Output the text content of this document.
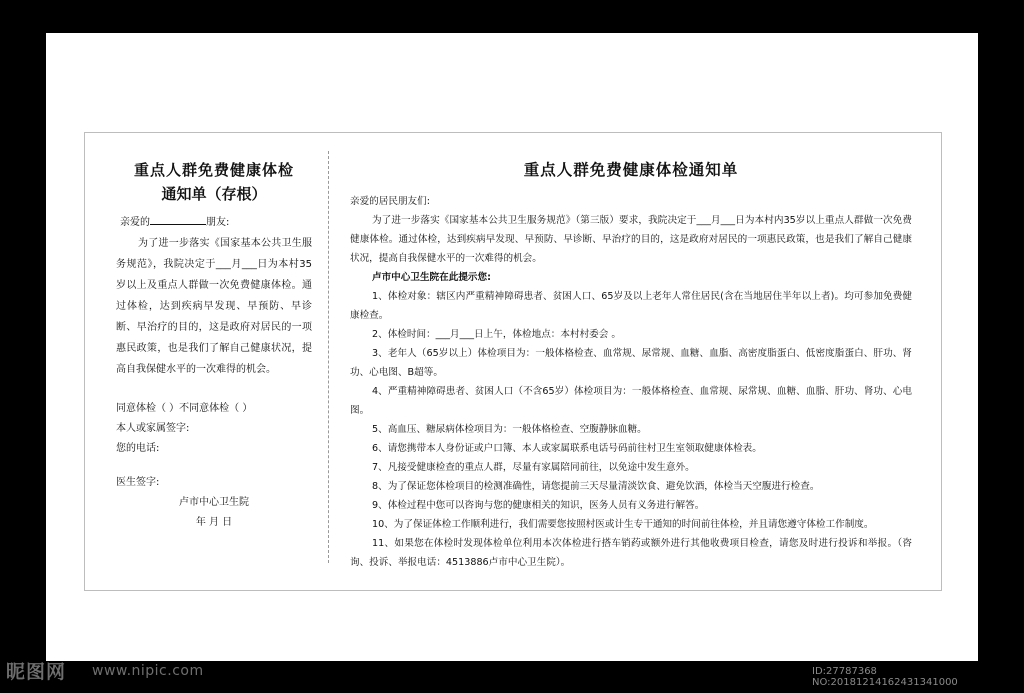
重点人群免费健康体检
通知单（存根）
亲爱的	朋友:
为了进一步落实《国家基本公共卫生服务规范》，我院决定于___月___日为本村35岁以上及重点人群做一次免费健康体检。通过体检，达到疾病早发现、早预防、早诊断、早治疗的目的，这是政府对居民的一项惠民政策，也是我们了解自己健康状况，提高自我保健水平的一次难得的机会。
同意体检（ ）不同意体检（ ）
本人或家属签字:
您的电话:
医生签字:
卢市中心卫生院
年 月 日
重点人群免费健康体检通知单

亲爱的居民朋友们:

为了进一步落实《国家基本公共卫生服务规范》（第三版）要求，我院决定于___月___日为本村内35岁以上重点人群做一次免费健康体检。通过体检，达到疾病早发现、早预防、早诊断、早治疗的目的，这是政府对居民的一项惠民政策，也是我们了解自己健康状况，提高自我保健水平的一次难得的机会。

卢市中心卫生院在此提示您:

1、体检对象：辖区内严重精神障碍患者、贫困人口、65岁及以上老年人常住居民(含在当地居住半年以上者)。均可参加免费健康检查。

2、体检时间：___月___日上午，体检地点：本村村委会 。

3、老年人（65岁以上）体检项目为：一般体格检查、血常规、尿常规、血糖、血脂、高密度脂蛋白、低密度脂蛋白、肝功、肾功、心电图、B超等。

4、严重精神障碍患者、贫困人口（不含65岁）体检项目为：一般体格检查、血常规、尿常规、血糖、血脂、肝功、肾功、心电图。

5、高血压、糖尿病体检项目为：一般体格检查、空腹静脉血糖。

6、请您携带本人身份证或户口簿、本人或家属联系电话号码前往村卫生室领取健康体检表。

7、凡接受健康检查的重点人群，尽量有家属陪同前往，以免途中发生意外。

8、为了保证您体检项目的检测准确性，请您提前三天尽量清淡饮食、避免饮酒，体检当天空腹进行检查。

9、体检过程中您可以咨询与您的健康相关的知识，医务人员有义务进行解答。

10、为了保证体检工作顺利进行，我们需要您按照村医或计生专干通知的时间前往体检，并且请您遵守体检工作制度。

11、如果您在体检时发现体检单位利用本次体检进行搭车销药或额外进行其他收费项目检查，请您及时进行投诉和举报。（咨询、投诉、举报电话：4513886卢市中心卫生院）。

昵图网 www.nipic.com	ID:27787368 NO:20181214162431341000
